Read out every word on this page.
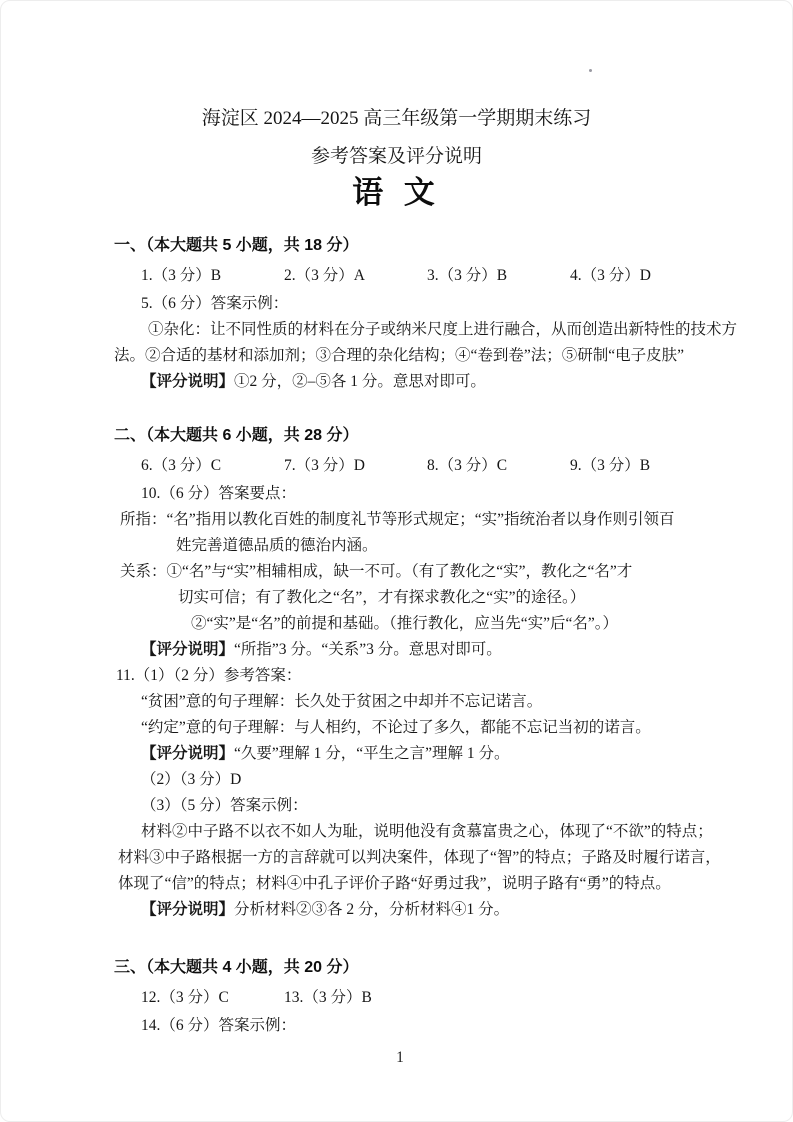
海淀区 2024—2025 高三年级第一学期期末练习
参考答案及评分说明
语 文
一、（本大题共 5 小题，共 18 分）
1.（3 分）B	2.（3 分）A	3.（3 分）B	4.（3 分）D
5.（6 分）答案示例：
①杂化：让不同性质的材料在分子或纳米尺度上进行融合，从而创造出新特性的技术方
法。②合适的基材和添加剂；③合理的杂化结构；④“卷到卷”法；⑤研制“电子皮肤”
【评分说明】①2 分，②–⑤各 1 分。意思对即可。
二、（本大题共 6 小题，共 28 分）
6.（3 分）C	7.（3 分）D	8.（3 分）C	9.（3 分）B
10.（6 分）答案要点：
所指：“名”指用以教化百姓的制度礼节等形式规定；“实”指统治者以身作则引领百
姓完善道德品质的德治内涵。
关系：①“名”与“实”相辅相成，缺一不可。（有了教化之“实”，教化之“名”才
切实可信；有了教化之“名”，才有探求教化之“实”的途径。）
②“实”是“名”的前提和基础。（推行教化，应当先“实”后“名”。）
【评分说明】“所指”3 分。“关系”3 分。意思对即可。
11.（1）（2 分）参考答案：
“贫困”意的句子理解：长久处于贫困之中却并不忘记诺言。
“约定”意的句子理解：与人相约，不论过了多久，都能不忘记当初的诺言。
【评分说明】“久要”理解 1 分，“平生之言”理解 1 分。
（2）（3 分）D
（3）（5 分）答案示例：
材料②中子路不以衣不如人为耻，说明他没有贪慕富贵之心，体现了“不欲”的特点；
材料③中子路根据一方的言辞就可以判决案件，体现了“智”的特点；子路及时履行诺言，
体现了“信”的特点；材料④中孔子评价子路“好勇过我”，说明子路有“勇”的特点。
【评分说明】分析材料②③各 2 分，分析材料④1 分。
三、（本大题共 4 小题，共 20 分）
12.（3 分）C	13.（3 分）B
14.（6 分）答案示例：
1
